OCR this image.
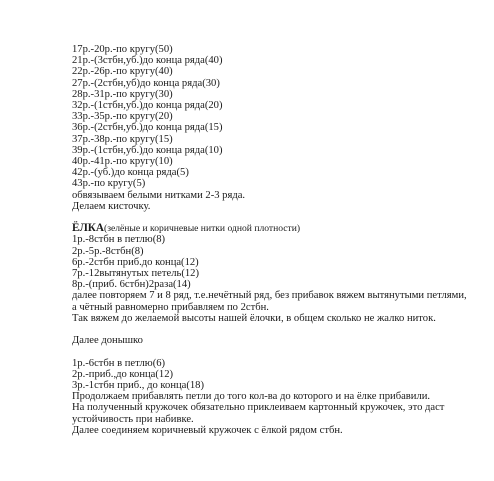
17р.-20р.-по кругу(50)
21р.-(3стбн,уб.)до конца ряда(40)
22р.-26р.-по кругу(40)
27р.-(2стбн,уб)до конца ряда(30)
28р.-31р.-по кругу(30)
32р.-(1стбн,уб.)до конца ряда(20)
33р.-35р.-по кругу(20)
36р.-(2стбн,уб.)до конца ряда(15)
37р.-38р.-по кругу(15)
39р.-(1стбн,уб.)до конца ряда(10)
40р.-41р.-по кругу(10)
42р.-(уб.)до конца ряда(5)
43р.-по кругу(5)
обвязываем белыми нитками 2-3 ряда.
Делаем кисточку.
ЁЛКА(зелёные и коричневые нитки одной плотности)
1р.-8стбн в петлю(8)
2р.-5р.-8стбн(8)
6р.-2стбн приб.до конца(12)
7р.-12вытянутых петель(12)
8р.-(приб. 6стбн)2раза(14)
далее повторяем 7 и 8 ряд, т.е.нечётный ряд, без прибавок вяжем вытянутыми петлями, а чётный равномерно прибавляем по 2стбн.
Так вяжем до желаемой высоты нашей ёлочки, в общем сколько не жалко ниток.
Далее донышко
1р.-6стбн в петлю(6)
2р.-приб.,до конца(12)
3р.-1стбн приб., до конца(18)
Продолжаем прибавлять петли до того кол-ва до которого и на ёлке прибавили.
На полученный кружочек обязательно приклеиваем картонный кружочек, это даст устойчивость при набивке.
Далее соединяем коричневый кружочек с ёлкой рядом стбн.
